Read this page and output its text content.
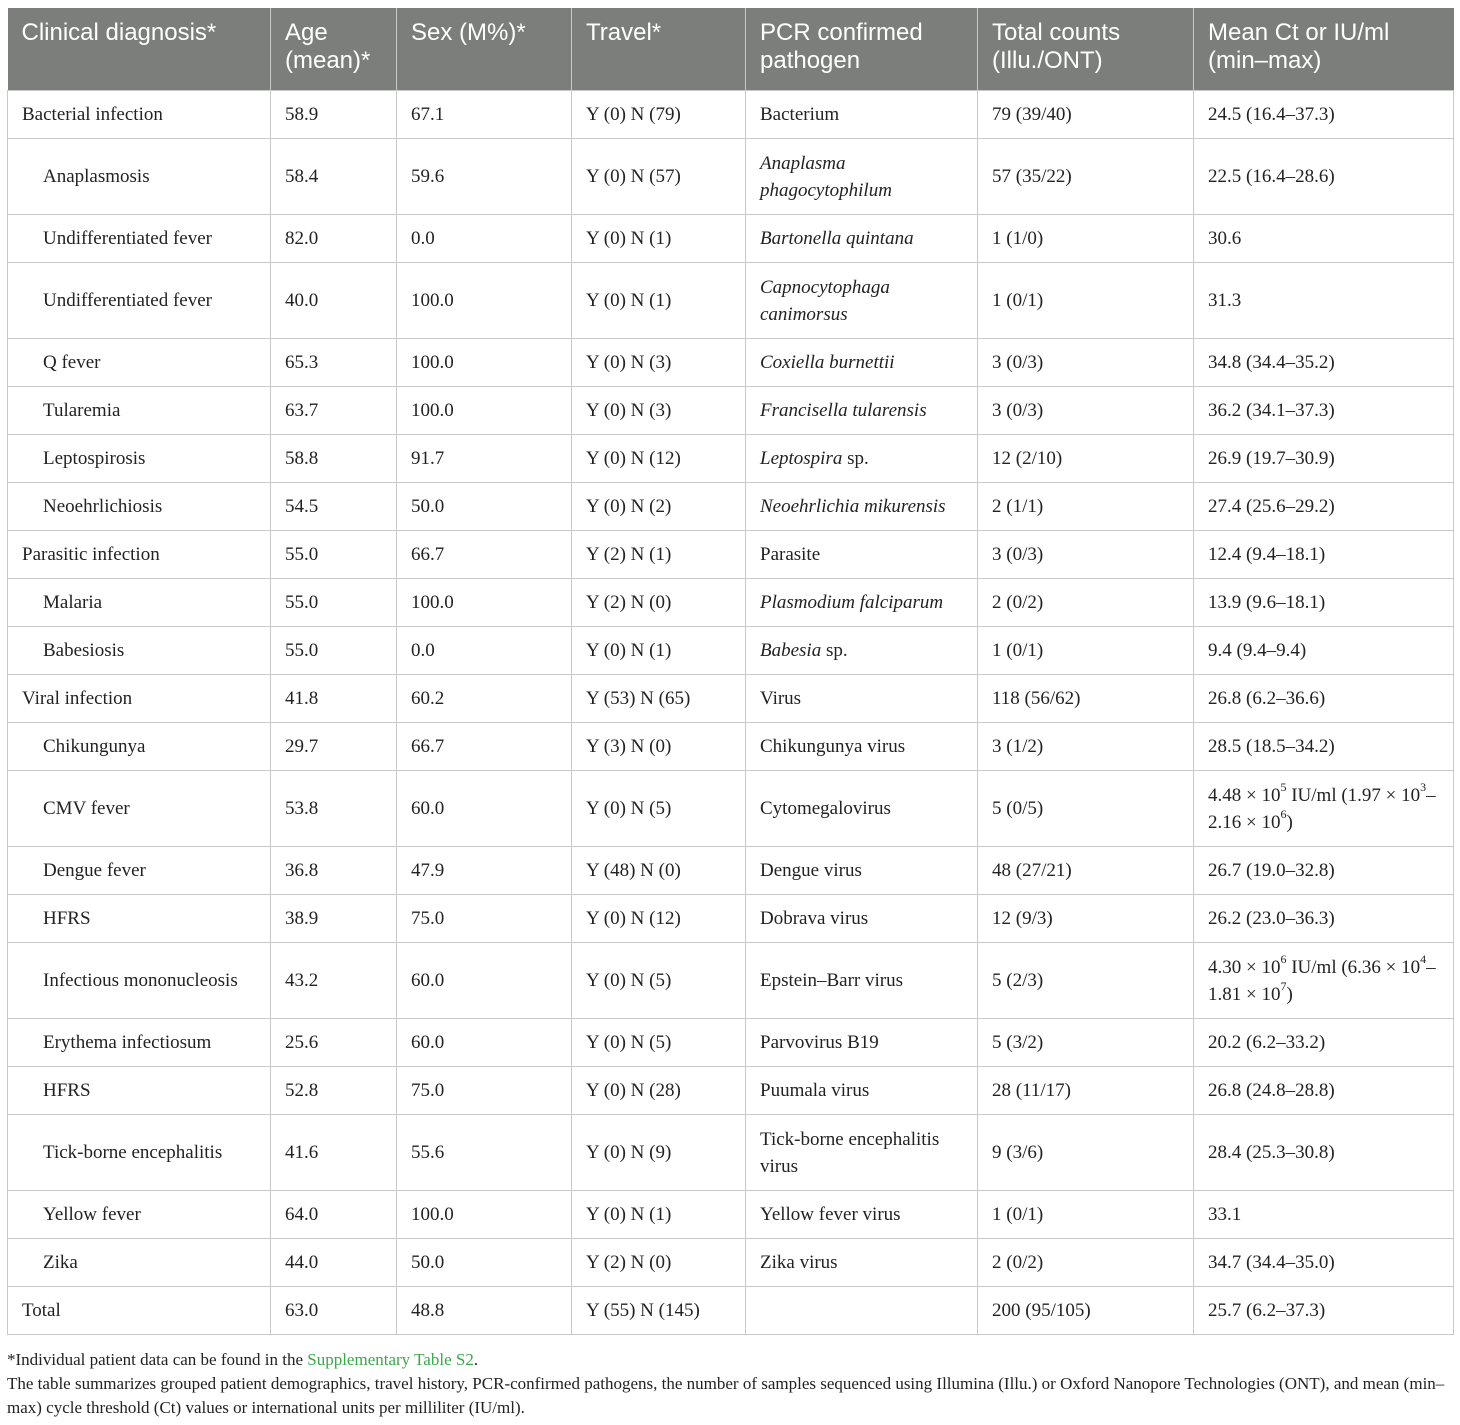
Clinical diagnosis*	Age (mean)*	Sex (M%)*	Travel*	PCR confirmed pathogen	Total counts (Illu./ONT)	Mean Ct or IU/ml (min–max)
Bacterial infection	58.9	67.1	Y (0) N (79)	Bacterium	79 (39/40)	24.5 (16.4–37.3)
Anaplasmosis	58.4	59.6	Y (0) N (57)	Anaplasma phagocytophilum	57 (35/22)	22.5 (16.4–28.6)
Undifferentiated fever	82.0	0.0	Y (0) N (1)	Bartonella quintana	1 (1/0)	30.6
Undifferentiated fever	40.0	100.0	Y (0) N (1)	Capnocytophaga canimorsus	1 (0/1)	31.3
Q fever	65.3	100.0	Y (0) N (3)	Coxiella burnettii	3 (0/3)	34.8 (34.4–35.2)
Tularemia	63.7	100.0	Y (0) N (3)	Francisella tularensis	3 (0/3)	36.2 (34.1–37.3)
Leptospirosis	58.8	91.7	Y (0) N (12)	Leptospira sp.	12 (2/10)	26.9 (19.7–30.9)
Neoehrlichiosis	54.5	50.0	Y (0) N (2)	Neoehrlichia mikurensis	2 (1/1)	27.4 (25.6–29.2)
Parasitic infection	55.0	66.7	Y (2) N (1)	Parasite	3 (0/3)	12.4 (9.4–18.1)
Malaria	55.0	100.0	Y (2) N (0)	Plasmodium falciparum	2 (0/2)	13.9 (9.6–18.1)
Babesiosis	55.0	0.0	Y (0) N (1)	Babesia sp.	1 (0/1)	9.4 (9.4–9.4)
Viral infection	41.8	60.2	Y (53) N (65)	Virus	118 (56/62)	26.8 (6.2–36.6)
Chikungunya	29.7	66.7	Y (3) N (0)	Chikungunya virus	3 (1/2)	28.5 (18.5–34.2)
CMV fever	53.8	60.0	Y (0) N (5)	Cytomegalovirus	5 (0/5)	$4.48 \times 10^5$ IU/ml $(1.97 \times 10^3-2.16 \times 10^6)$
Dengue fever	36.8	47.9	Y (48) N (0)	Dengue virus	48 (27/21)	26.7 (19.0–32.8)
HFRS	38.9	75.0	Y (0) N (12)	Dobrava virus	12 (9/3)	26.2 (23.0–36.3)
Infectious mononucleosis	43.2	60.0	Y (0) N (5)	Epstein–Barr virus	5 (2/3)	$4.30 \times 10^6$ IU/ml $(6.36 \times 10^4-1.81 \times 10^7)$
Erythema infectiosum	25.6	60.0	Y (0) N (5)	Parvovirus B19	5 (3/2)	20.2 (6.2–33.2)
HFRS	52.8	75.0	Y (0) N (28)	Puumala virus	28 (11/17)	26.8 (24.8–28.8)
Tick-borne encephalitis	41.6	55.6	Y (0) N (9)	Tick-borne encephalitis virus	9 (3/6)	28.4 (25.3–30.8)
Yellow fever	64.0	100.0	Y (0) N (1)	Yellow fever virus	1 (0/1)	33.1
Zika	44.0	50.0	Y (2) N (0)	Zika virus	2 (0/2)	34.7 (34.4–35.0)
Total	63.0	48.8	Y (55) N (145)		200 (95/105)	25.7 (6.2–37.3)

*Individual patient data can be found in the Supplementary Table S2.

The table summarizes grouped patient demographics, travel history, PCR-confirmed pathogens, the number of samples sequenced using Illumina (Illu.) or Oxford Nanopore Technologies (ONT), and mean (min–max) cycle threshold (Ct) values or international units per milliliter (IU/ml).
